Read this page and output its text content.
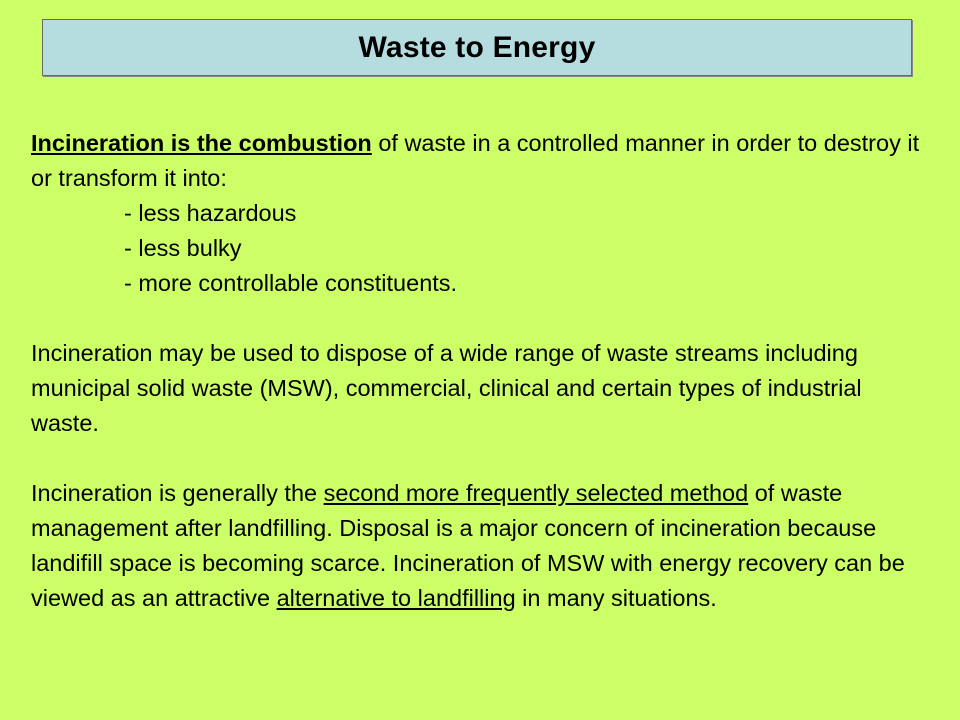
Waste to Energy

Incineration is the combustion of waste in a controlled manner in order to destroy it or transform it into:

- less hazardous

- less bulky

- more controllable constituents.

Incineration may be used to dispose of a wide range of waste streams including municipal solid waste (MSW), commercial, clinical and certain types of industrial waste.

Incineration is generally the second more frequently selected method of waste management after landfilling. Disposal is a major concern of incineration because landifill space is becoming scarce. Incineration of MSW with energy recovery can be viewed as an attractive alternative to landfilling in many situations.
